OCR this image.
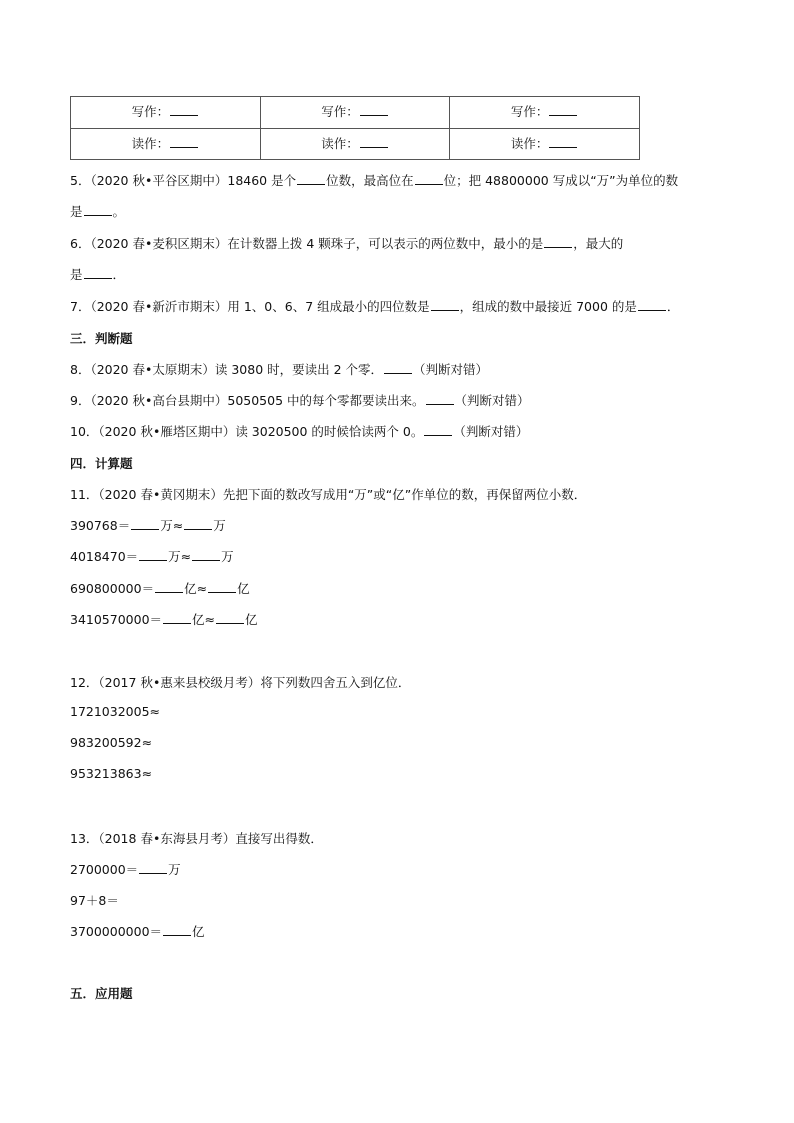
写作：	写作：	写作：
读作：	读作：	读作：
5．（2020 秋•平谷区期中）18460 是个 位数，最高位在 位；把 48800000 写成以“万”为单位的数
是 。
6．（2020 春•麦积区期末）在计数器上拨 4 颗珠子，可以表示的两位数中，最小的是 ，最大的
是 ．
7．（2020 春•新沂市期末）用 1、0、6、7 组成最小的四位数是 ，组成的数中最接近 7000 的是 ．
三．判断题
8．（2020 春•太原期末）读 3080 时，要读出 2 个零． （判断对错）
9．（2020 秋•高台县期中）5050505 中的每个零都要读出来。 （判断对错）
10．（2020 秋•雁塔区期中）读 3020500 的时候恰读两个 0。 （判断对错）
四．计算题
11．（2020 春•黄冈期末）先把下面的数改写成用“万”或“亿”作单位的数，再保留两位小数．
390768＝ 万≈ 万
4018470＝ 万≈ 万
690800000＝ 亿≈ 亿
3410570000＝ 亿≈ 亿
12．（2017 秋•惠来县校级月考）将下列数四舍五入到亿位．
1721032005≈
983200592≈
953213863≈
13．（2018 春•东海县月考）直接写出得数．
2700000＝ 万
97＋8＝
3700000000＝ 亿
五．应用题
